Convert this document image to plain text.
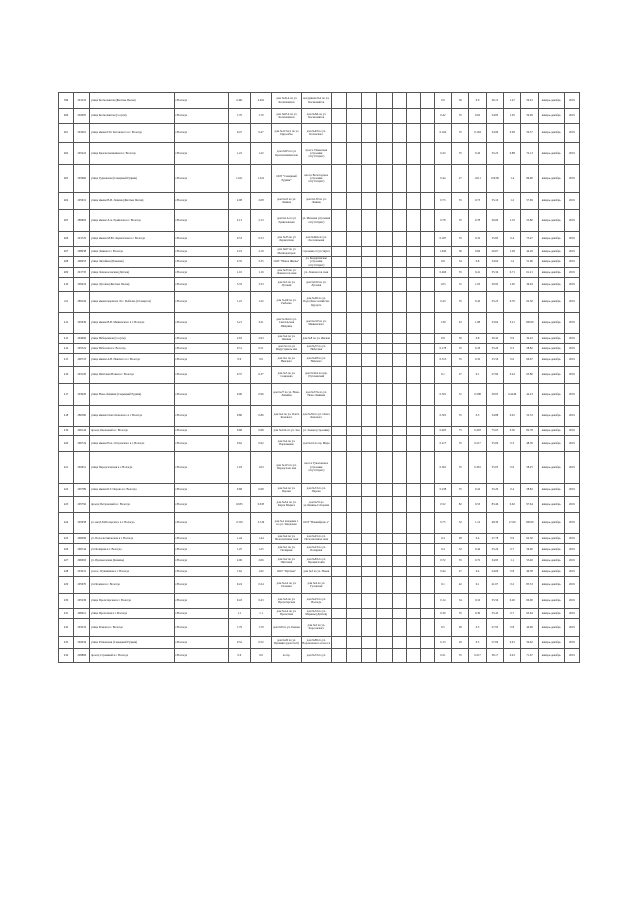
399	201210	улица Космонавтов (Желтые Пески)	г.Вологда	2.491	2.491	дом №31А по ул Космонавтов	воздушная №2 по ул. Космонавтов								0.9	36	0.9	36.13	1.47	59.01	январь-декабрь	2019
400	202005	улица Космонавтов (Сосули)	г.Вологда	1.70	1.70	дом №67А по ул Космонавтов	дом №8А по ул Космонавтов								0.42	35	0.62	34.83	1.05	59.99	январь-декабрь	2019
401	293461	улица имени Г.И. Котовского в г. Вологда	г.Вологда	0.47	0.47	дом №115А/1 по ул Царселбы	дом №93 по ул. Котовского								0.164	35	0.164	34.99	0.28	59.57	январь-декабрь	2019
402	295222	улица Краснознаменная в г. Вологда	г.Вологда	1.22	1.22	дом №8/5 по ул Краснознамен ная	трасса Ухманская (строения отсутствуют)								0.43	35	0.43	35.25	0.88	72.13	январь-декабрь	2019
403	295660	улица Гудковская (Северный Рудник)	г.Вологда	1.611	1.611	ООТ "Северный Рудник"	шоссе Вологодское (строения отсутствуют)								0.44	27	1.611	100.00	1.4	86.90	январь-декабрь	2019
404	205631	улица имени В.И. Ленина (Желтые Пески)	г.Вологда	2.08	2.08	дом №22 по ул. Ленина	дом №130 по ул. Ленина								0.73	35	0.73	35.10	1.2	57.69	январь-декабрь	2019
405	289663	улица имени Л.А. Ермилова в г. Вологда	г.Вологда	2.13	2.13	дом №1А по ул Ермиловская	ул. Меховая (строения отсутствуют)								0.78	35	0.78	36.00	1.19	55.86	январь-декабрь	2019
406	201725	улица имени М.Ю. Лермонтова в г. Вологда	г.Вологда	0.53	0.53	дом №35 по ул Лермонтова	дом №66А по ул. Лесопильная								0.187	35	0.19	35.85	0.4	75.47	январь-декабрь	2019
407	298038	улица Левина в г. Вологда	г.Вологда	2.19	2.19	дом №67 по ул Мелиораторов	строения отсутствуют								1.043	36	0.84	20.67	1.28	44.29	январь-декабрь	2019
408	296953	улица Литейная (Паневна)	г.Вологда	2.35	2.35	ООТ "Новое Жилье"	ул. Бадаргинская (строения отсутствуют)								0.8	34	0.8	34.04	1.2	51.06	январь-декабрь	2019
409	201735	улица Ломоносовская (Дятлов)	г.Вологда	1.16	1.16	дом №33 по ул Ломоносов ская	ул. Ломоносов ская								0.466	35	0.41	35.34	0.71	61.21	январь-декабрь	2019
410	209419	улица Луговая (Желтые Пески)	г.Вологда	3.33	3.33	дом №3 по ул. Луговая	дом №100 по ул. Луговая								1.03	31	1.03	30.93	1.20	36.04	январь-декабрь	2019
411	289194	улица имени маршала Л.С. Рыбалко (10 квартал)	г.Вологда	1.22	1.22	дом №1Ф по ул. Рыбалко	дом №2Б по ул. Подсобное хозяйство Курорта								0.43	35	0.43	35.25	0.76	62.30	январь-декабрь	2019
412	205639	улица имени В.В. Маяковского в г. Вологда	г.Вологда	3.21	3.21	дом №164 по ул. Снегельская Шахрина	дом №210 по ул. Маяковского								1.39	43	1.08	33.64	3.21	100.00	январь-декабрь	2019
413	294482	улица Набережная (Сосули)	г.Вологда	2.63	2.63	дом №4 по ул. Ямская	дом №8 по ул. Ямская								0.8	30	0.8	30.42	0.9	34.22	январь-декабрь	2019
414	295522	улица Небесная в г. Вологда	г.Вологда	0.51	0.51	дом №1 по ул Индустриаль ная	дом №37 по ул. Небесная								0.178	35	0.18	35.29	0.3	58.82	январь-декабрь	2019
415	290723	улица имени А.В. Невского в г. Вологда	г.Вологда	0.9	0.9	дом №1 по ул. Невского	дом №28 по ул. Невского								0.315	35	0.32	35.56	0.6	66.67	январь-декабрь	2019
416	293120	улица Пихтовая Новая в г. Вологда	г.Вологда	0.37	0.37	дом №5 по ул. Семенова	дом №32А по пер. Пугачевский								0.1	27	0.1	27.84	0.24	63.86	январь-декабрь	2019
417	203920	улица Ново-Ленивая (Сырецкий Рудник)	г.Вологда	0.96	0.96	дом №27 по ул. Ново-Ленивая	дом №37А по ул. Ново-Ленивая								0.301	31	0.298	30.63	0.4246	44.23	январь-декабрь	2019
418	280560	улица имени Олега Конового в г. Вологда	г.Вологда	0.86	0.86	дом №2 по ул. Олега Конового	дом №59 по ул. Олега Конового								0.301	35	0.3	34.88	0.45	52.33	январь-декабрь	2019
419	290144	проезд Окольный в г. Вологда	г.Вологда	0.68	0.68	дом №52А по ул. Зоя	ул. Зоевая (строения)								0.403	75	0.403	75.03	0.56	82.78	январь-декабрь	2019
420	290724	улица имени Н.А. Островского в г. Вологда	г.Вологда	0.62	0.62	дом №4 по ул. Пархоменко	дом №16 по пр. Мира								0.217	35	0.217	35.00	0.3	48.39	январь-декабрь	2019
421	292651	улица Парадсловская в г. Вологда	г.Вологда	1.03	1.03	дом №115 по ул. Парадсловс кая	шоссе Тукаловское (строения отсутствуют)								0.361	35	0.361	35.05	0.6	58.25	январь-декабрь	2019
422	205789	улица имени Б.Г. Перова в г. Вологда	г.Вологда	0.68	0.68	дом №4 по ул. Перова	дом №53 по ул. Перова								0.238	35	0.24	35.29	0.4	58.82	январь-декабрь	2019
423	205792	проезд Петровский в г. Вологда	г.Вологда	0.635	0.635	дом №5А по ул. Карла Маркса	дом №55 по ул.Ленинь-Соборная								0.52	82	0.53	83.46	0.62	97.64	январь-декабрь	2019
424	205658	ул. им Д.М.Позарского в г. Вологда	г.Вологда	2.319	2.319	дом №1 владение 1 по ул. Заводская	ООТ "Вонкийдско е"								0.75	32	1.12	48.30	2.319	100.00	январь-декабрь	2019
425	296096	ул. Полоскотническая в г. Вологда	г.Вологда	1.44	1.44	дом №4 по ул. Полоскотниче ская	дом №45 по ул. Полоскотниче ская								0.4	28	0.4	27.78	0.9	62.50	январь-декабрь	2019
426	296744	ул.Полярная в г. Вологда	г.Вологда	1.25	1.25	дом №1 по ул. Полярная	дом №23 по ул. Полярная								0.4	32	0.44	35.20	0.7	56.00	январь-декабрь	2019
427	296093	ул. Промысловая (Канапы)	г.Вологда	2.06	2.06	дом №2 по ул. Пихтовая	дом №83 по ул. Промысловая								0.72	35	0.72	34.95	1.1	53.40	январь-декабрь	2019
428	203431	ул.пос. Пушишная в г. Вологда	г.Вологда	1.62	1.62	ООТ "Пугачев"	дом №3 по ул. Новая								0.44	27	0.4	24.69	0.8	49.38	январь-декабрь	2019
429	205670	ул.Полевая в г. Вологда	г.Вологда	0.24	0.24	дом №1А по ул. Полевая	дом №4 по ул. Гусевская								0.1	42	0.1	41.67	0.2	83.33	январь-декабрь	2019
430	205236	улица Пролетарская в г. Вологда	г.Вологда	0.43	0.43	дом №6 по ул. Пролетарская	дом №23 по ул. Вологда								0.14	34	0.16	35.56	0.26	60.00	январь-декабрь	2019
431	298011	улица Пролетная в г. Вологда	г.Вологда	1.1	1.1	дом №1А по ул. Пролетная	дом №53 по ул. Марины (Дятлов)								0.39	35	0.39	35.45	0.7	63.64	январь-декабрь	2019
432	293219	улица Ремова в г. Вологда	г.Вологда	1.79	1.79	дом №8 по ул. Ремова	дом №2 по ул. Херсонского								0.5	28	0.5	27.93	0.8	44.69	январь-декабрь	2019
433	292934	улица Ратковская (Сырецкий Рудник)	г.Вологда	0.52	0.52	дом №26 по ул. Пушкина (дом №15)	дом №89 по ул. Вороновского и шоссе								0.13	29	0.5	57.69	0.91	59.62	январь-декабрь	2019
434	209866	проезд Стремный в г. Вологда	г.Вологда	0.6	0.6	по пр.	дом №53 по ул.								0.21	35	0.217	36.17	0.43	71.67	январь-декабрь	2019
